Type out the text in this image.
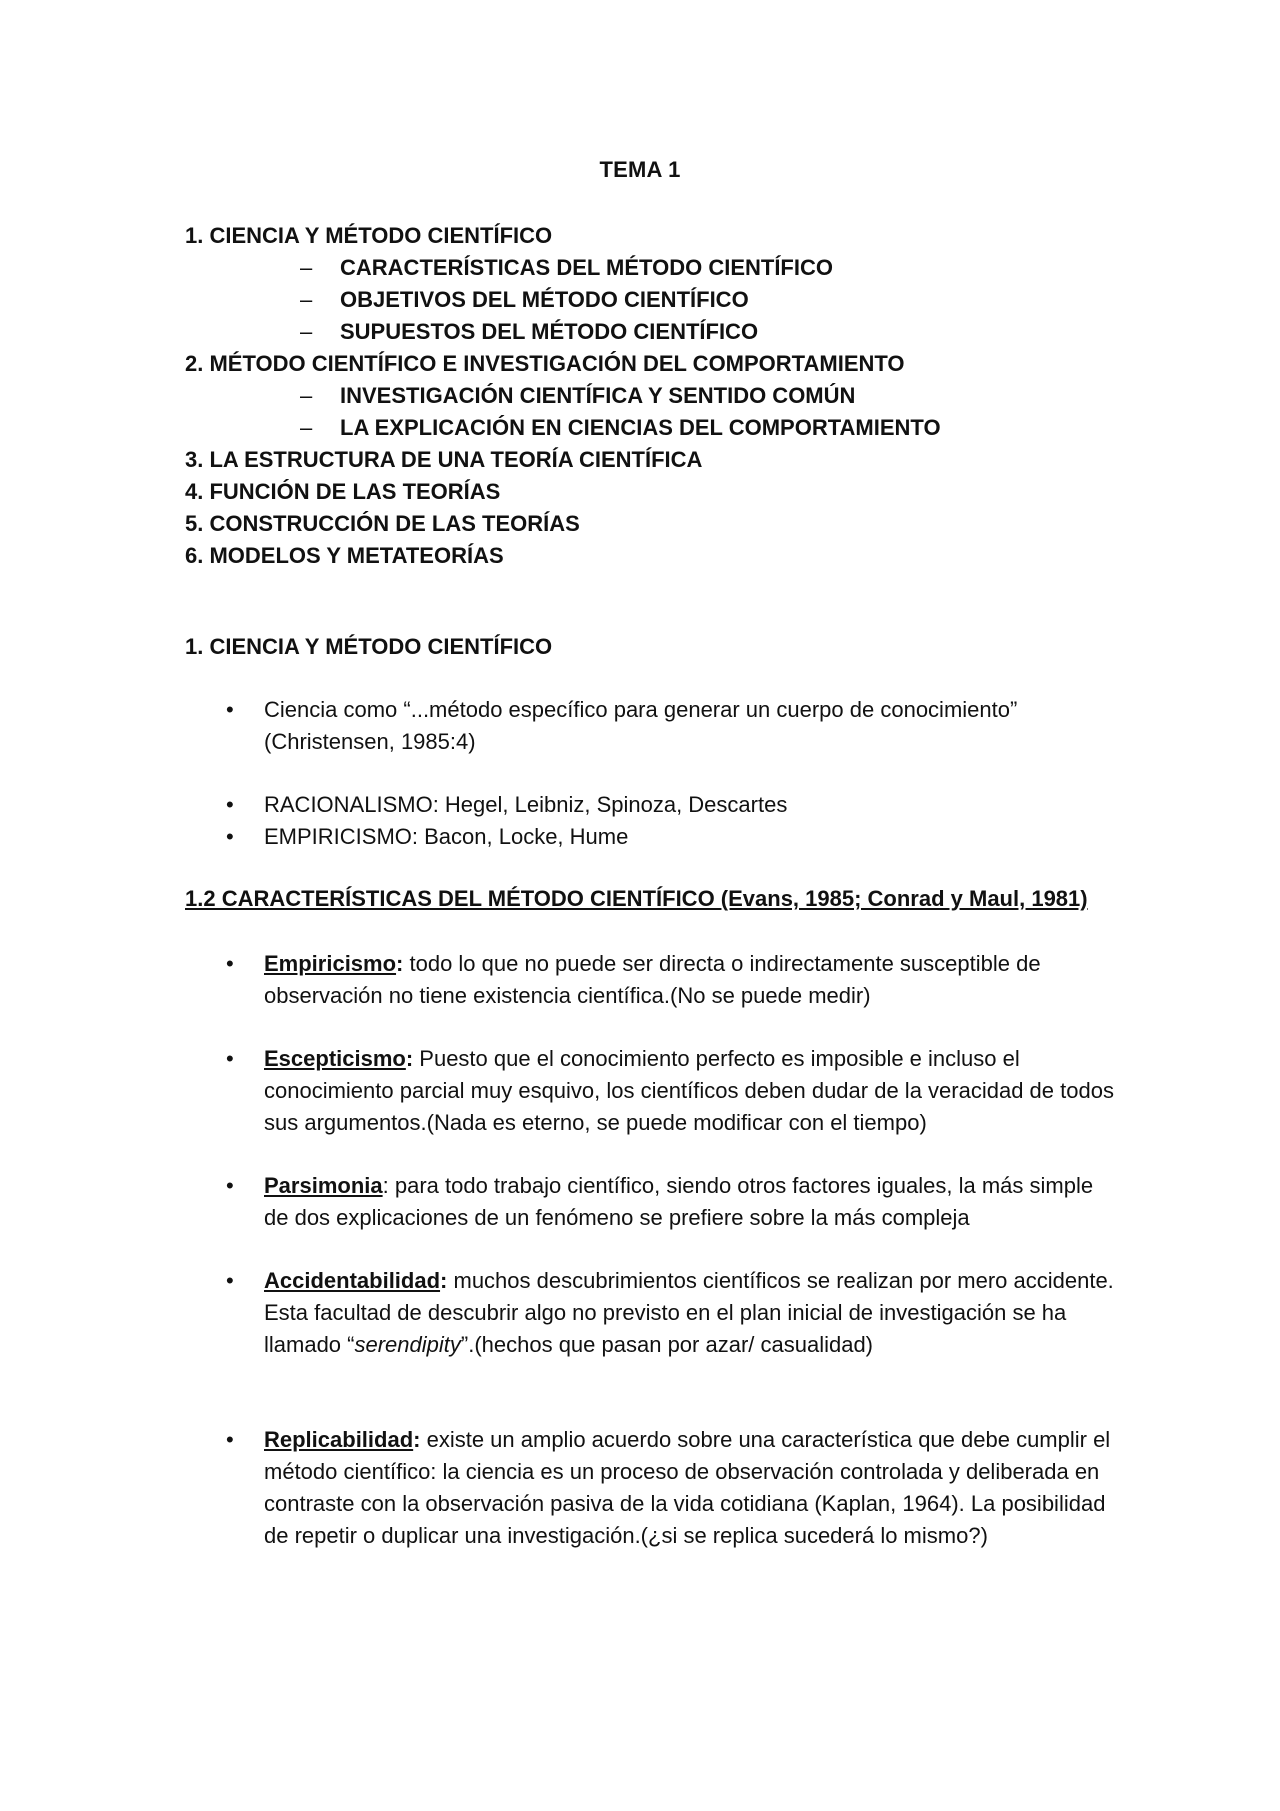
TEMA 1
1. CIENCIA Y MÉTODO CIENTÍFICO
– CARACTERÍSTICAS DEL MÉTODO CIENTÍFICO
– OBJETIVOS DEL MÉTODO CIENTÍFICO
– SUPUESTOS DEL MÉTODO CIENTÍFICO
2. MÉTODO CIENTÍFICO E INVESTIGACIÓN DEL COMPORTAMIENTO
– INVESTIGACIÓN CIENTÍFICA Y SENTIDO COMÚN
– LA EXPLICACIÓN EN CIENCIAS DEL COMPORTAMIENTO
3. LA ESTRUCTURA DE UNA TEORÍA CIENTÍFICA
4. FUNCIÓN DE LAS TEORÍAS
5. CONSTRUCCIÓN DE LAS TEORÍAS
6. MODELOS Y METATEORÍAS
1. CIENCIA Y MÉTODO CIENTÍFICO
• Ciencia como “...método específico para generar un cuerpo de conocimiento” (Christensen, 1985:4)
• RACIONALISMO: Hegel, Leibniz, Spinoza, Descartes
• EMPIRICISMO: Bacon, Locke, Hume
1.2 CARACTERÍSTICAS DEL MÉTODO CIENTÍFICO (Evans, 1985; Conrad y Maul, 1981)
• Empiricismo: todo lo que no puede ser directa o indirectamente susceptible de observación no tiene existencia científica.(No se puede medir)
• Escepticismo: Puesto que el conocimiento perfecto es imposible e incluso el conocimiento parcial muy esquivo, los científicos deben dudar de la veracidad de todos sus argumentos.(Nada es eterno, se puede modificar con el tiempo)
• Parsimonia: para todo trabajo científico, siendo otros factores iguales, la más simple de dos explicaciones de un fenómeno se prefiere sobre la más compleja
• Accidentabilidad: muchos descubrimientos científicos se realizan por mero accidente. Esta facultad de descubrir algo no previsto en el plan inicial de investigación se ha llamado “serendipity”.(hechos que pasan por azar/ casualidad)
• Replicabilidad: existe un amplio acuerdo sobre una característica que debe cumplir el método científico: la ciencia es un proceso de observación controlada y deliberada en contraste con la observación pasiva de la vida cotidiana (Kaplan, 1964). La posibilidad de repetir o duplicar una investigación.(¿si se replica sucederá lo mismo?)
